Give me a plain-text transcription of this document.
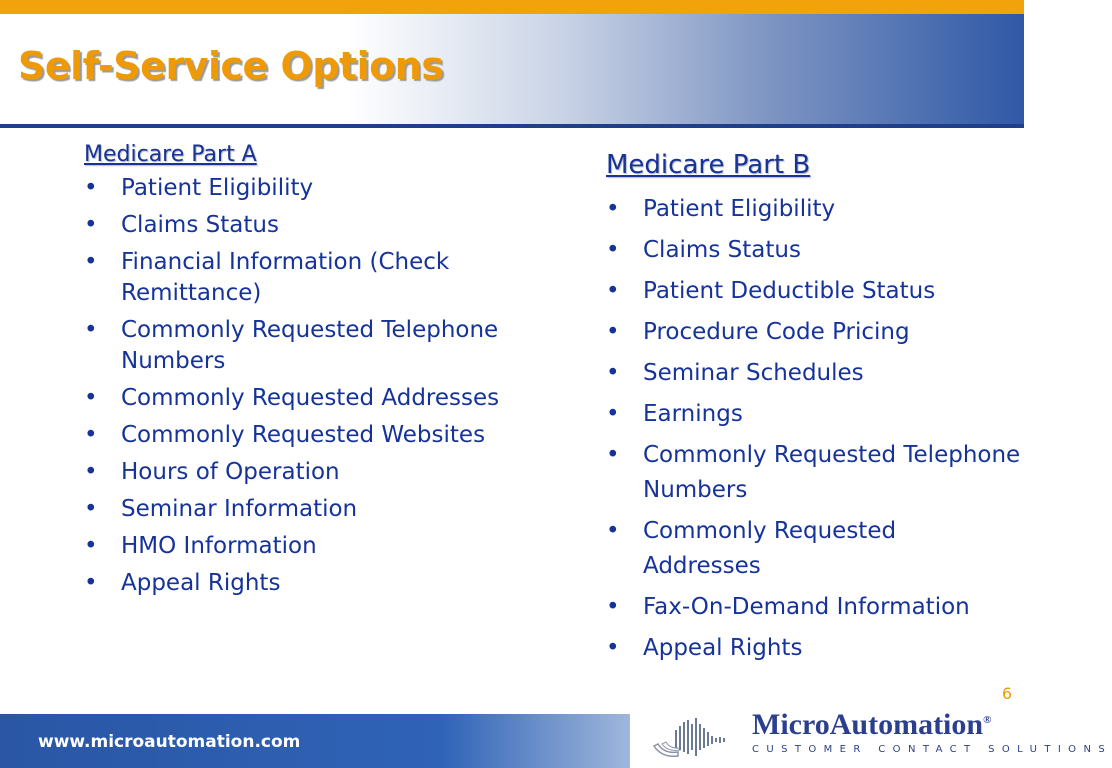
Self-Service Options
Medicare Part A
• Patient Eligibility
• Claims Status
• Financial Information (Check Remittance)
• Commonly Requested Telephone Numbers
• Commonly Requested Addresses
• Commonly Requested Websites
• Hours of Operation
• Seminar Information
• HMO Information
• Appeal Rights
Medicare Part B
• Patient Eligibility
• Claims Status
• Patient Deductible Status
• Procedure Code Pricing
• Seminar Schedules
• Earnings
• Commonly Requested Telephone Numbers
• Commonly Requested Addresses
• Fax-On-Demand Information
• Appeal Rights
6
www.microautomation.com
MicroAutomation®
CUSTOMER CONTACT SOLUTIONS
